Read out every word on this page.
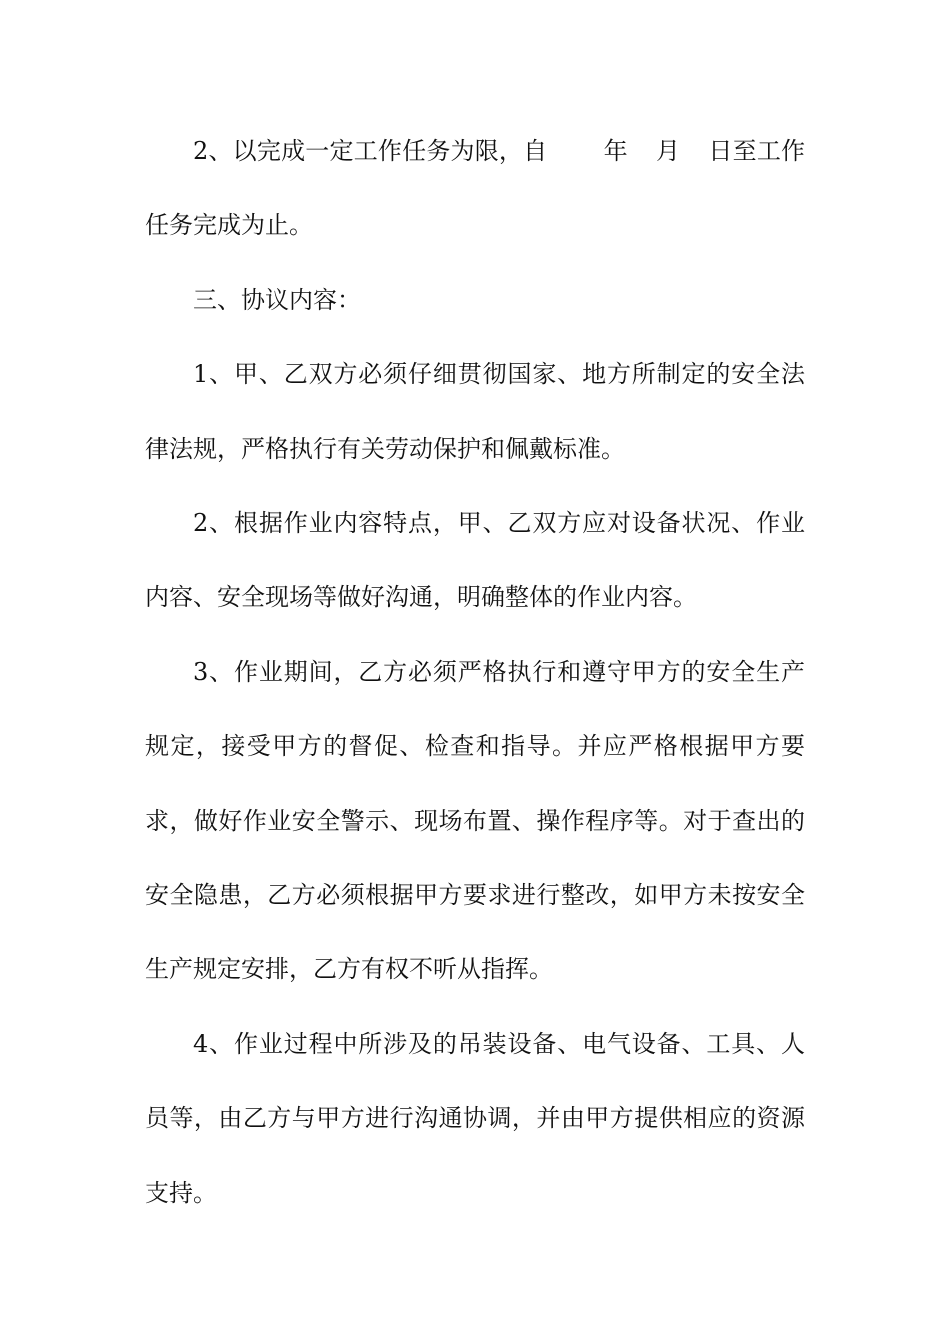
2、以完成一定工作任务为限，自 年 月 日至工作任务完成为止。

三、协议内容：

1、甲、乙双方必须仔细贯彻国家、地方所制定的安全法律法规，严格执行有关劳动保护和佩戴标准。

2、根据作业内容特点，甲、乙双方应对设备状况、作业内容、安全现场等做好沟通，明确整体的作业内容。

3、作业期间，乙方必须严格执行和遵守甲方的安全生产规定，接受甲方的督促、检查和指导。并应严格根据甲方要求，做好作业安全警示、现场布置、操作程序等。对于查出的安全隐患，乙方必须根据甲方要求进行整改，如甲方未按安全生产规定安排，乙方有权不听从指挥。

4、作业过程中所涉及的吊装设备、电气设备、工具、人员等，由乙方与甲方进行沟通协调，并由甲方提供相应的资源支持。
